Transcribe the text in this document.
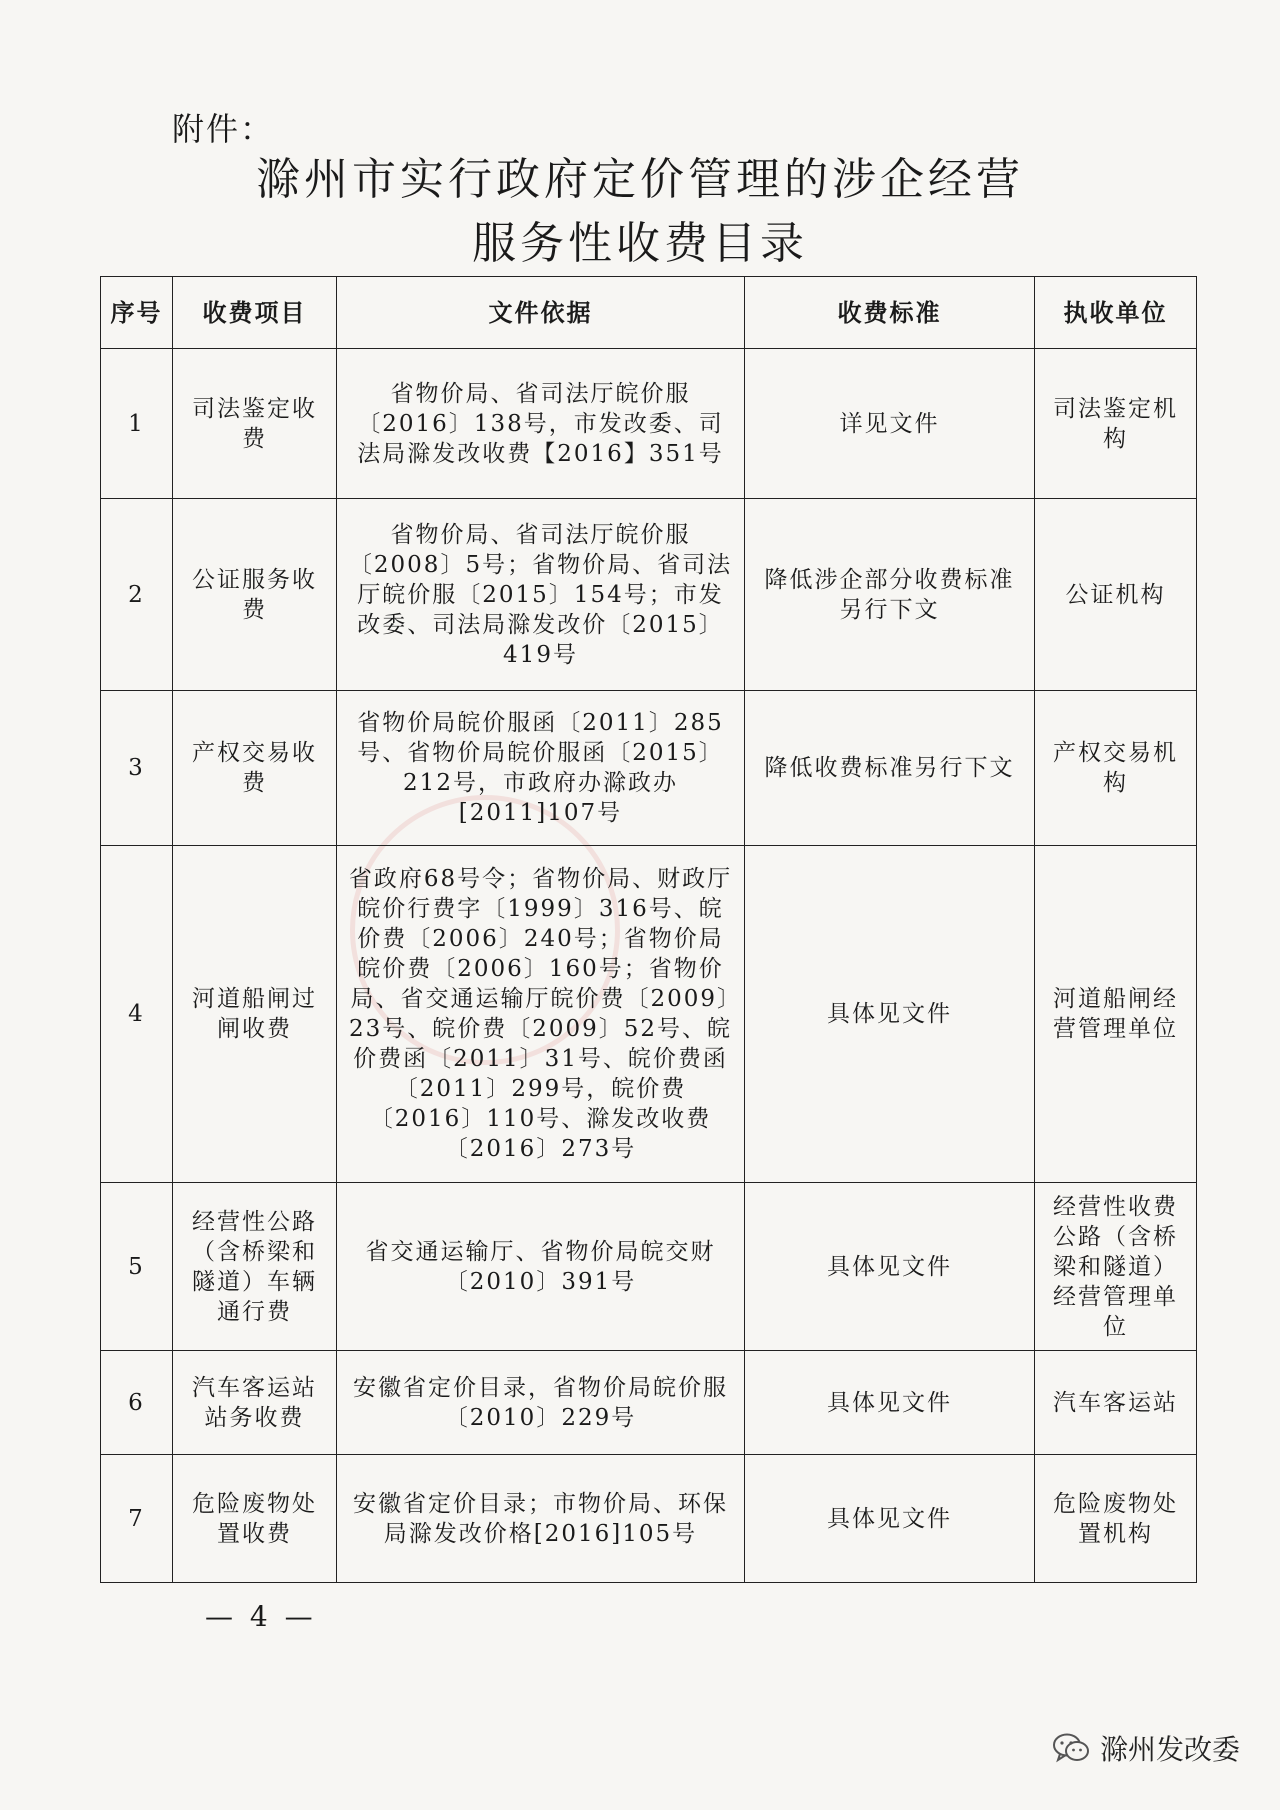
附件：
滁州市实行政府定价管理的涉企经营
服务性收费目录
序号	收费项目	文件依据	收费标准	执收单位
1	司法鉴定收费	省物价局、省司法厅皖价服〔2016〕138号，市发改委、司法局滁发改收费【2016】351号	详见文件	司法鉴定机构
2	公证服务收费	省物价局、省司法厅皖价服〔2008〕5号；省物价局、省司法厅皖价服〔2015〕154号；市发改委、司法局滁发改价〔2015〕419号	降低涉企部分收费标准另行下文	公证机构
3	产权交易收费	省物价局皖价服函〔2011〕285号、省物价局皖价服函〔2015〕212号，市政府办滁政办[2011]107号	降低收费标准另行下文	产权交易机构
4	河道船闸过闸收费	省政府68号令；省物价局、财政厅皖价行费字〔1999〕316号、皖价费〔2006〕240号；省物价局皖价费〔2006〕160号；省物价局、省交通运输厅皖价费〔2009〕23号、皖价费〔2009〕52号、皖价费函〔2011〕31号、皖价费函〔2011〕299号，皖价费〔2016〕110号、滁发改收费〔2016〕273号	具体见文件	河道船闸经营管理单位
5	经营性公路（含桥梁和隧道）车辆通行费	省交通运输厅、省物价局皖交财〔2010〕391号	具体见文件	经营性收费公路（含桥梁和隧道）经营管理单位
6	汽车客运站站务收费	安徽省定价目录，省物价局皖价服〔2010〕229号	具体见文件	汽车客运站
7	危险废物处置收费	安徽省定价目录；市物价局、环保局滁发改价格[2016]105号	具体见文件	危险废物处置机构
— 4 —
滁州发改委
